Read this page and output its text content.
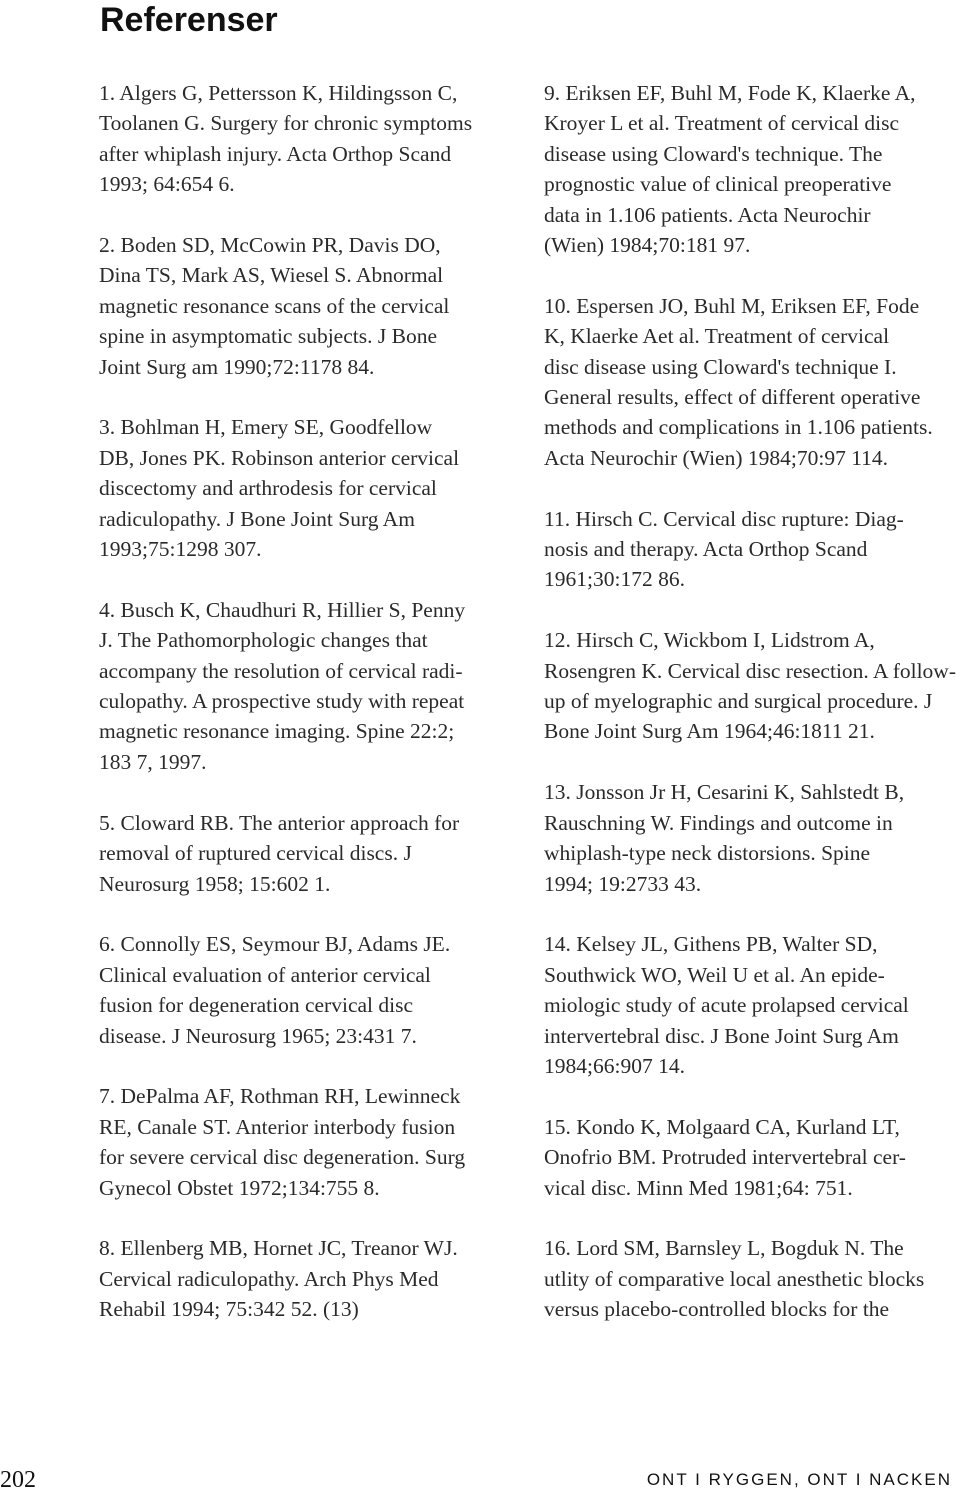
Referenser

1. Algers G, Pettersson K, Hildingsson C,
Toolanen G. Surgery for chronic symptoms
after whiplash injury. Acta Orthop Scand
1993; 64:654 6.

2. Boden SD, McCowin PR, Davis DO,
Dina TS, Mark AS, Wiesel S. Abnormal
magnetic resonance scans of the cervical
spine in asymptomatic subjects. J Bone
Joint Surg am 1990;72:1178 84.

3. Bohlman H, Emery SE, Goodfellow
DB, Jones PK. Robinson anterior cervical
discectomy and arthrodesis for cervical
radiculopathy. J Bone Joint Surg Am
1993;75:1298 307.

4. Busch K, Chaudhuri R, Hillier S, Penny
J. The Pathomorphologic changes that
accompany the resolution of cervical radi-
culopathy. A prospective study with repeat
magnetic resonance imaging. Spine 22:2;
183 7, 1997.

5. Cloward RB. The anterior approach for
removal of ruptured cervical discs. J
Neurosurg 1958; 15:602 1.

6. Connolly ES, Seymour BJ, Adams JE.
Clinical evaluation of anterior cervical
fusion for degeneration cervical disc
disease. J Neurosurg 1965; 23:431 7.

7. DePalma AF, Rothman RH, Lewinneck
RE, Canale ST. Anterior interbody fusion
for severe cervical disc degeneration. Surg
Gynecol Obstet 1972;134:755 8.

8. Ellenberg MB, Hornet JC, Treanor WJ.
Cervical radiculopathy. Arch Phys Med
Rehabil 1994; 75:342 52. (13)

9. Eriksen EF, Buhl M, Fode K, Klaerke A,
Kroyer L et al. Treatment of cervical disc
disease using Cloward's technique. The
prognostic value of clinical preoperative
data in 1.106 patients. Acta Neurochir
(Wien) 1984;70:181 97.

10. Espersen JO, Buhl M, Eriksen EF, Fode
K, Klaerke Aet al. Treatment of cervical
disc disease using Cloward's technique I.
General results, effect of different operative
methods and complications in 1.106 patients.
Acta Neurochir (Wien) 1984;70:97 114.

11. Hirsch C. Cervical disc rupture: Diag-
nosis and therapy. Acta Orthop Scand
1961;30:172 86.

12. Hirsch C, Wickbom I, Lidstrom A,
Rosengren K. Cervical disc resection. A follow-
up of myelographic and surgical procedure. J
Bone Joint Surg Am 1964;46:1811 21.

13. Jonsson Jr H, Cesarini K, Sahlstedt B,
Rauschning W. Findings and outcome in
whiplash-type neck distorsions. Spine
1994; 19:2733 43.

14. Kelsey JL, Githens PB, Walter SD,
Southwick WO, Weil U et al. An epide-
miologic study of acute prolapsed cervical
intervertebral disc. J Bone Joint Surg Am
1984;66:907 14.

15. Kondo K, Molgaard CA, Kurland LT,
Onofrio BM. Protruded intervertebral cer-
vical disc. Minn Med 1981;64: 751.

16. Lord SM, Barnsley L, Bogduk N. The
utlity of comparative local anesthetic blocks
versus placebo-controlled blocks for the

202	ONT I RYGGEN, ONT I NACKEN
